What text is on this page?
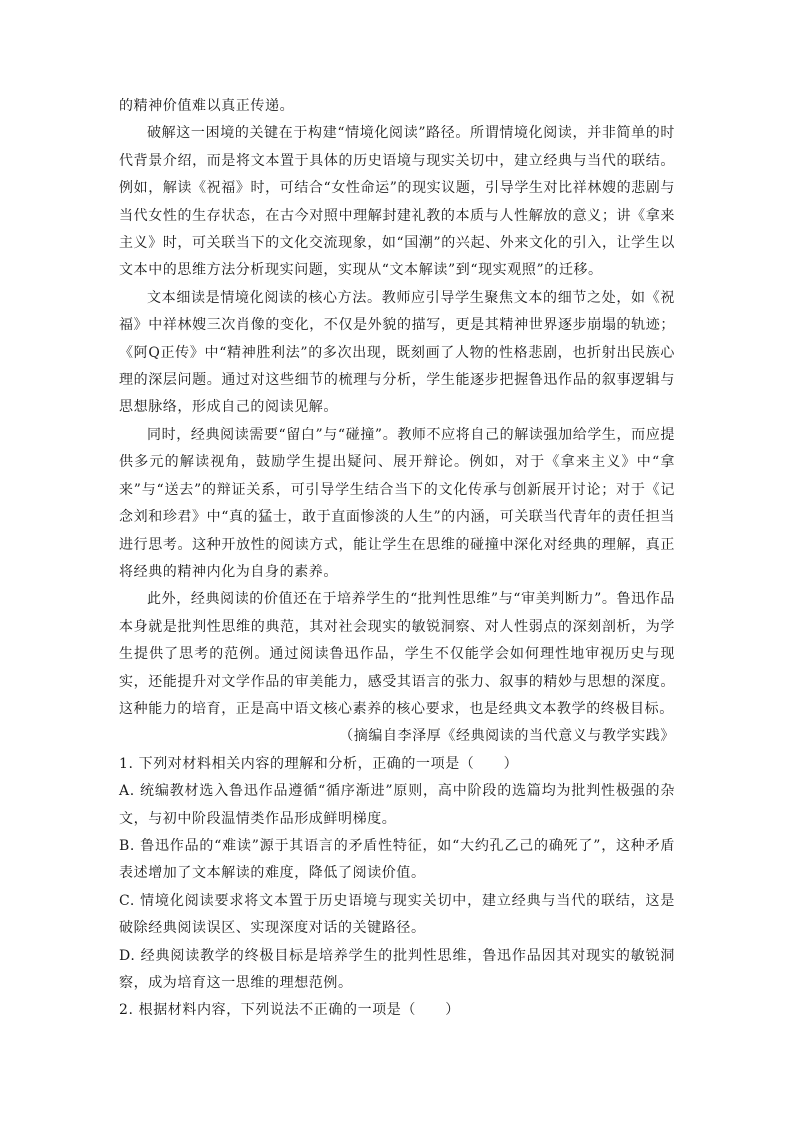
的精神价值难以真正传递。

破解这一困境的关键在于构建“情境化阅读”路径。所谓情境化阅读，并非简单的时代背景介绍，而是将文本置于具体的历史语境与现实关切中，建立经典与当代的联结。例如，解读《祝福》时，可结合“女性命运”的现实议题，引导学生对比祥林嫂的悲剧与当代女性的生存状态，在古今对照中理解封建礼教的本质与人性解放的意义；讲《拿来主义》时，可关联当下的文化交流现象，如“国潮”的兴起、外来文化的引入，让学生以文本中的思维方法分析现实问题，实现从“文本解读”到“现实观照”的迁移。

文本细读是情境化阅读的核心方法。教师应引导学生聚焦文本的细节之处，如《祝福》中祥林嫂三次肖像的变化，不仅是外貌的描写，更是其精神世界逐步崩塌的轨迹；《阿Q正传》中“精神胜利法”的多次出现，既刻画了人物的性格悲剧，也折射出民族心理的深层问题。通过对这些细节的梳理与分析，学生能逐步把握鲁迅作品的叙事逻辑与思想脉络，形成自己的阅读见解。

同时，经典阅读需要“留白”与“碰撞”。教师不应将自己的解读强加给学生，而应提供多元的解读视角，鼓励学生提出疑问、展开辩论。例如，对于《拿来主义》中“拿来”与“送去”的辩证关系，可引导学生结合当下的文化传承与创新展开讨论；对于《记念刘和珍君》中“真的猛士，敢于直面惨淡的人生”的内涵，可关联当代青年的责任担当进行思考。这种开放性的阅读方式，能让学生在思维的碰撞中深化对经典的理解，真正将经典的精神内化为自身的素养。

此外，经典阅读的价值还在于培养学生的“批判性思维”与“审美判断力”。鲁迅作品本身就是批判性思维的典范，其对社会现实的敏锐洞察、对人性弱点的深刻剖析，为学生提供了思考的范例。通过阅读鲁迅作品，学生不仅能学会如何理性地审视历史与现实，还能提升对文学作品的审美能力，感受其语言的张力、叙事的精妙与思想的深度。这种能力的培育，正是高中语文核心素养的核心要求，也是经典文本教学的终极目标。

（摘编自李泽厚《经典阅读的当代意义与教学实践》

1. 下列对材料相关内容的理解和分析，正确的一项是（　　）

A. 统编教材选入鲁迅作品遵循“循序渐进”原则，高中阶段的选篇均为批判性极强的杂文，与初中阶段温情类作品形成鲜明梯度。

B. 鲁迅作品的“难读”源于其语言的矛盾性特征，如“大约孔乙己的确死了”，这种矛盾表述增加了文本解读的难度，降低了阅读价值。

C. 情境化阅读要求将文本置于历史语境与现实关切中，建立经典与当代的联结，这是破除经典阅读误区、实现深度对话的关键路径。

D. 经典阅读教学的终极目标是培养学生的批判性思维，鲁迅作品因其对现实的敏锐洞察，成为培育这一思维的理想范例。

2. 根据材料内容，下列说法不正确的一项是（　　）
